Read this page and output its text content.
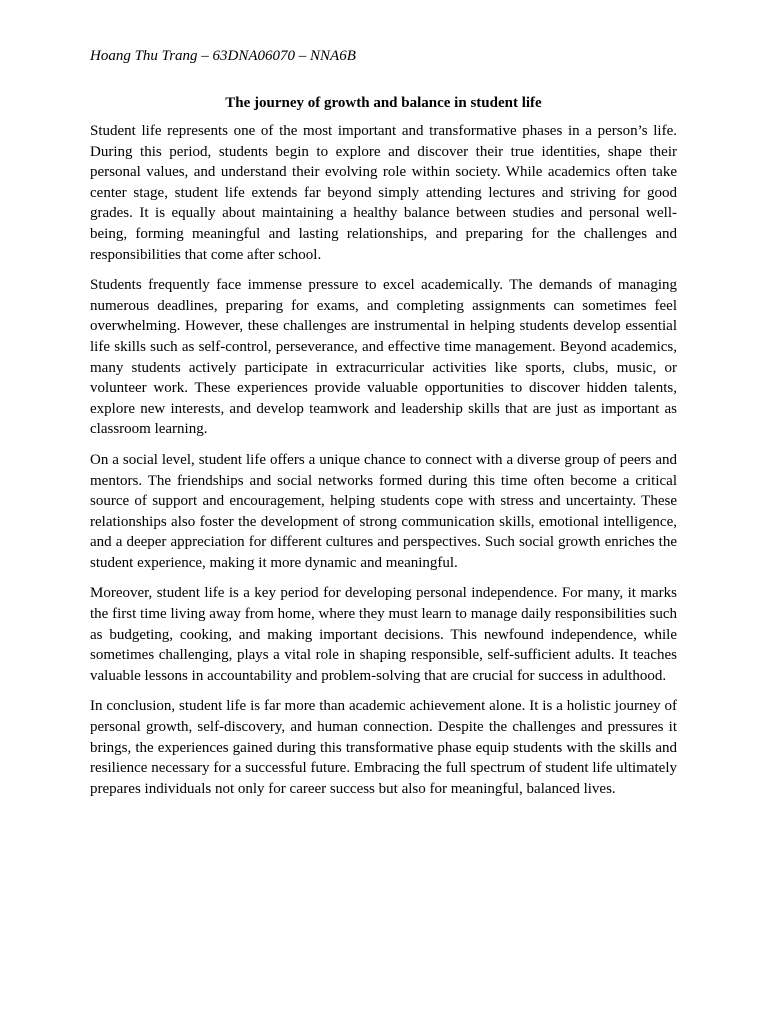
Hoang Thu Trang – 63DNA06070 – NNA6B

The journey of growth and balance in student life

Student life represents one of the most important and transformative phases in a person’s life. During this period, students begin to explore and discover their true identities, shape their personal values, and understand their evolving role within society. While academics often take center stage, student life extends far beyond simply attending lectures and striving for good grades. It is equally about maintaining a healthy balance between studies and personal well-being, forming meaningful and lasting relationships, and preparing for the challenges and responsibilities that come after school.

Students frequently face immense pressure to excel academically. The demands of managing numerous deadlines, preparing for exams, and completing assignments can sometimes feel overwhelming. However, these challenges are instrumental in helping students develop essential life skills such as self-control, perseverance, and effective time management. Beyond academics, many students actively participate in extracurricular activities like sports, clubs, music, or volunteer work. These experiences provide valuable opportunities to discover hidden talents, explore new interests, and develop teamwork and leadership skills that are just as important as classroom learning.

On a social level, student life offers a unique chance to connect with a diverse group of peers and mentors. The friendships and social networks formed during this time often become a critical source of support and encouragement, helping students cope with stress and uncertainty. These relationships also foster the development of strong communication skills, emotional intelligence, and a deeper appreciation for different cultures and perspectives. Such social growth enriches the student experience, making it more dynamic and meaningful.

Moreover, student life is a key period for developing personal independence. For many, it marks the first time living away from home, where they must learn to manage daily responsibilities such as budgeting, cooking, and making important decisions. This newfound independence, while sometimes challenging, plays a vital role in shaping responsible, self-sufficient adults. It teaches valuable lessons in accountability and problem-solving that are crucial for success in adulthood.

In conclusion, student life is far more than academic achievement alone. It is a holistic journey of personal growth, self-discovery, and human connection. Despite the challenges and pressures it brings, the experiences gained during this transformative phase equip students with the skills and resilience necessary for a successful future. Embracing the full spectrum of student life ultimately prepares individuals not only for career success but also for meaningful, balanced lives.
